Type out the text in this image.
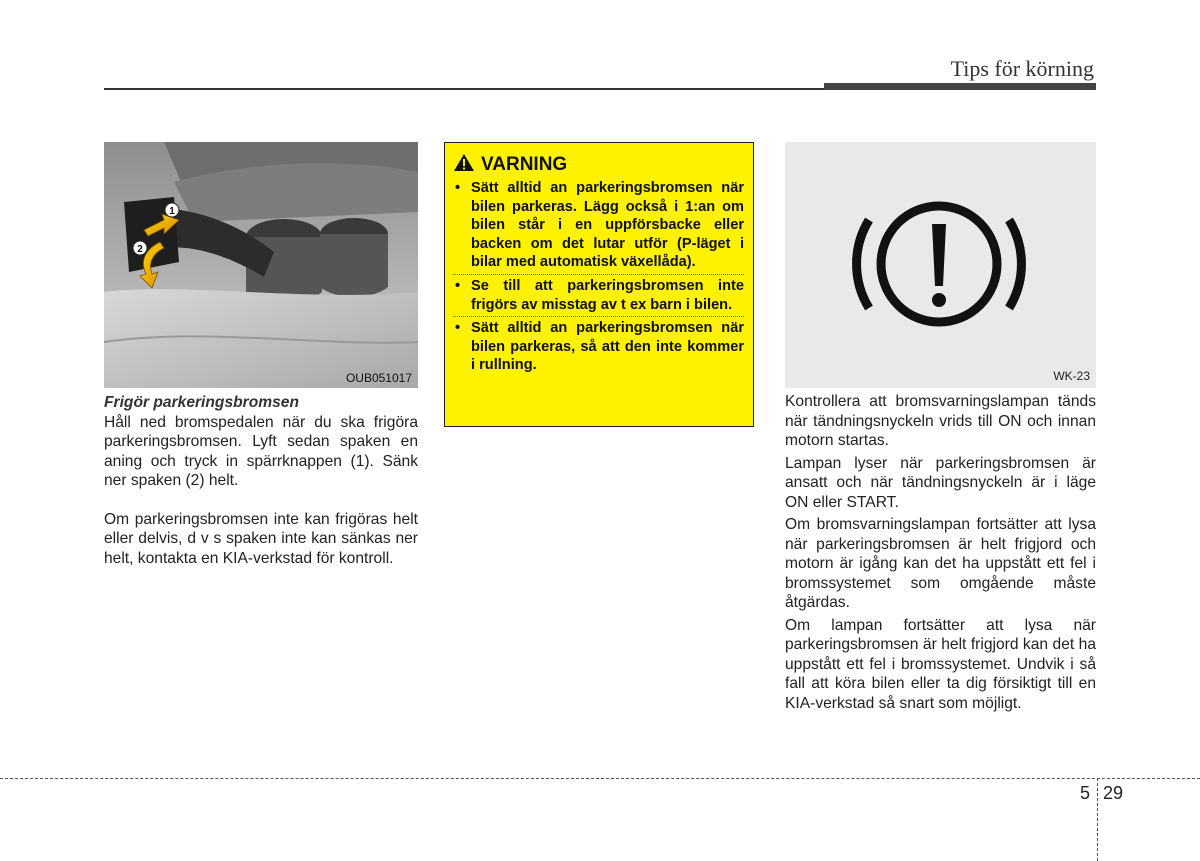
Tips för körning
1
2
OUB051017

Frigör parkeringsbromsen

Håll ned bromspedalen när du ska frigöra parkeringsbromsen. Lyft sedan spaken en aning och tryck in spärrknappen (1). Sänk ner spaken (2) helt.

Om parkeringsbromsen inte kan frigöras helt eller delvis, d v s spaken inte kan sänkas ner helt, kontakta en KIA-verkstad för kontroll.

VARNING
• Sätt alltid an parkeringsbromsen när bilen parkeras. Lägg också i 1:an om bilen står i en uppförsbacke eller backen om det lutar utför (P-läget i bilar med automatisk växellåda).
• Se till att parkeringsbromsen inte frigörs av misstag av t ex barn i bilen.
• Sätt alltid an parkeringsbromsen när bilen parkeras, så att den inte kommer i rullning.
WK-23

Kontrollera att bromsvarningslampan tänds när tändningsnyckeln vrids till ON och innan motorn startas.

Lampan lyser när parkeringsbromsen är ansatt och när tändningsnyckeln är i läge ON eller START.

Om bromsvarningslampan fortsätter att lysa när parkeringsbromsen är helt frigjord och motorn är igång kan det ha uppstått ett fel i bromssystemet som omgående måste åtgärdas.

Om lampan fortsätter att lysa när parkeringsbromsen är helt frigjord kan det ha uppstått ett fel i bromssystemet. Undvik i så fall att köra bilen eller ta dig försiktigt till en KIA-verkstad så snart som möjligt.

5 29
